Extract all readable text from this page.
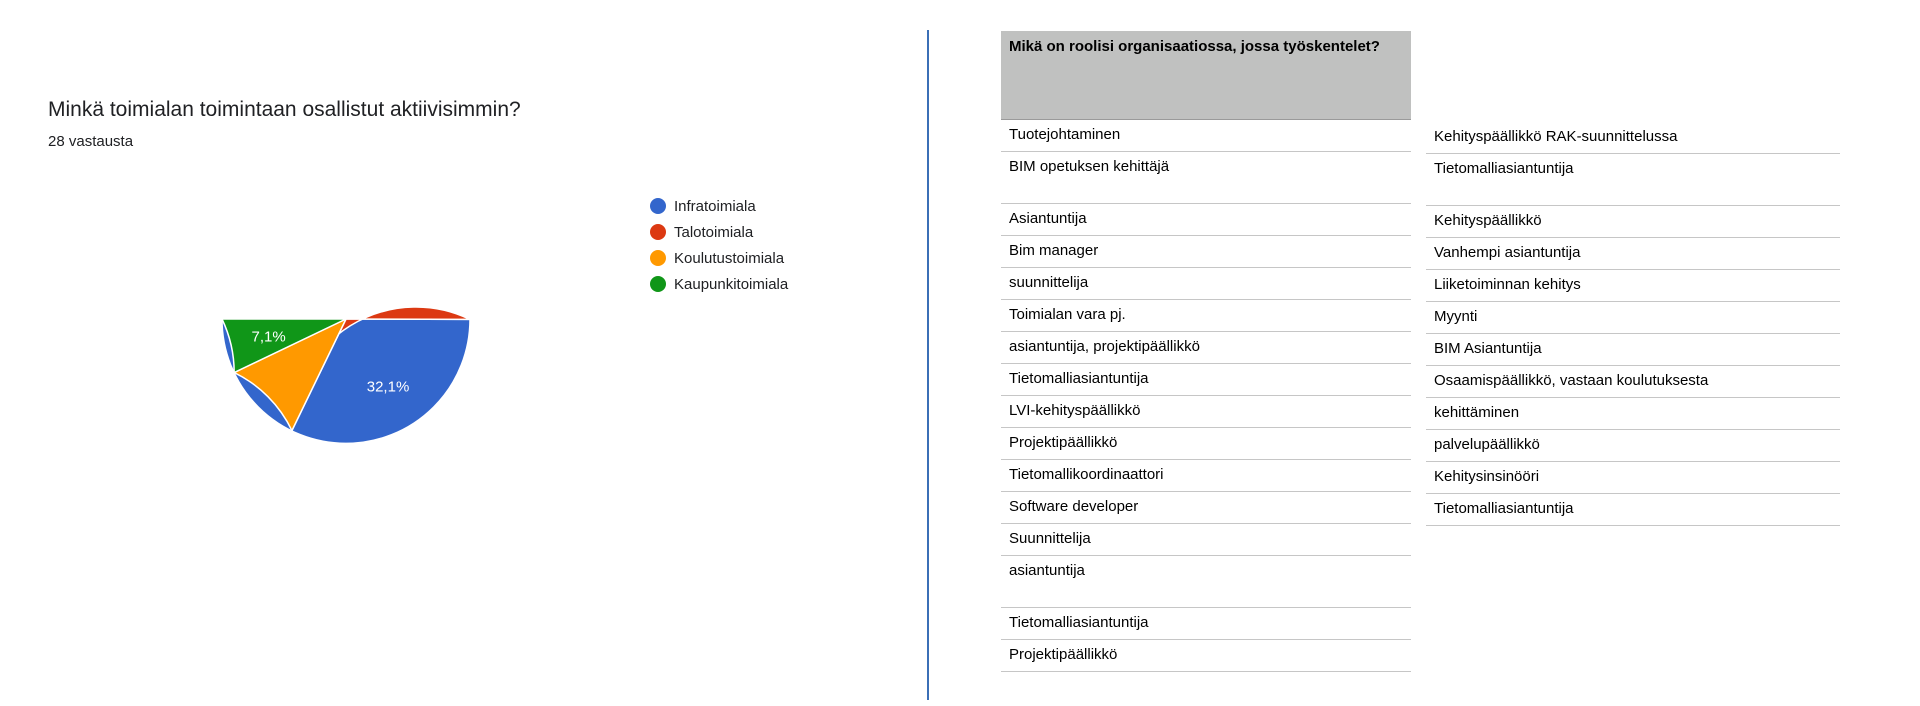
Minkä toimialan toimintaan osallistut aktiivisimmin?
28 vastausta
50%
32,1%
7,1%
Infratoimiala
Talotoimiala
Koulutustoimiala
Kaupunkitoimiala
Mikä on roolisi organisaatiossa, jossa työskentelet?
Tuotejohtaminen
BIM opetuksen kehittäjä
Asiantuntija
Bim manager
suunnittelija
Toimialan vara pj.
asiantuntija, projektipäällikkö
Tietomalliasiantuntija
LVI-kehityspäällikkö
Projektipäällikkö
Tietomallikoordinaattori
Software developer
Suunnittelija
asiantuntija
Tietomalliasiantuntija
Projektipäällikkö
Kehityspäällikkö RAK-suunnittelussa
Tietomalliasiantuntija
Kehityspäällikkö
Vanhempi asiantuntija
Liiketoiminnan kehitys
Myynti
BIM Asiantuntija
Osaamispäällikkö, vastaan koulutuksesta
kehittäminen
palvelupäällikkö
Kehitysinsinööri
Tietomalliasiantuntija
